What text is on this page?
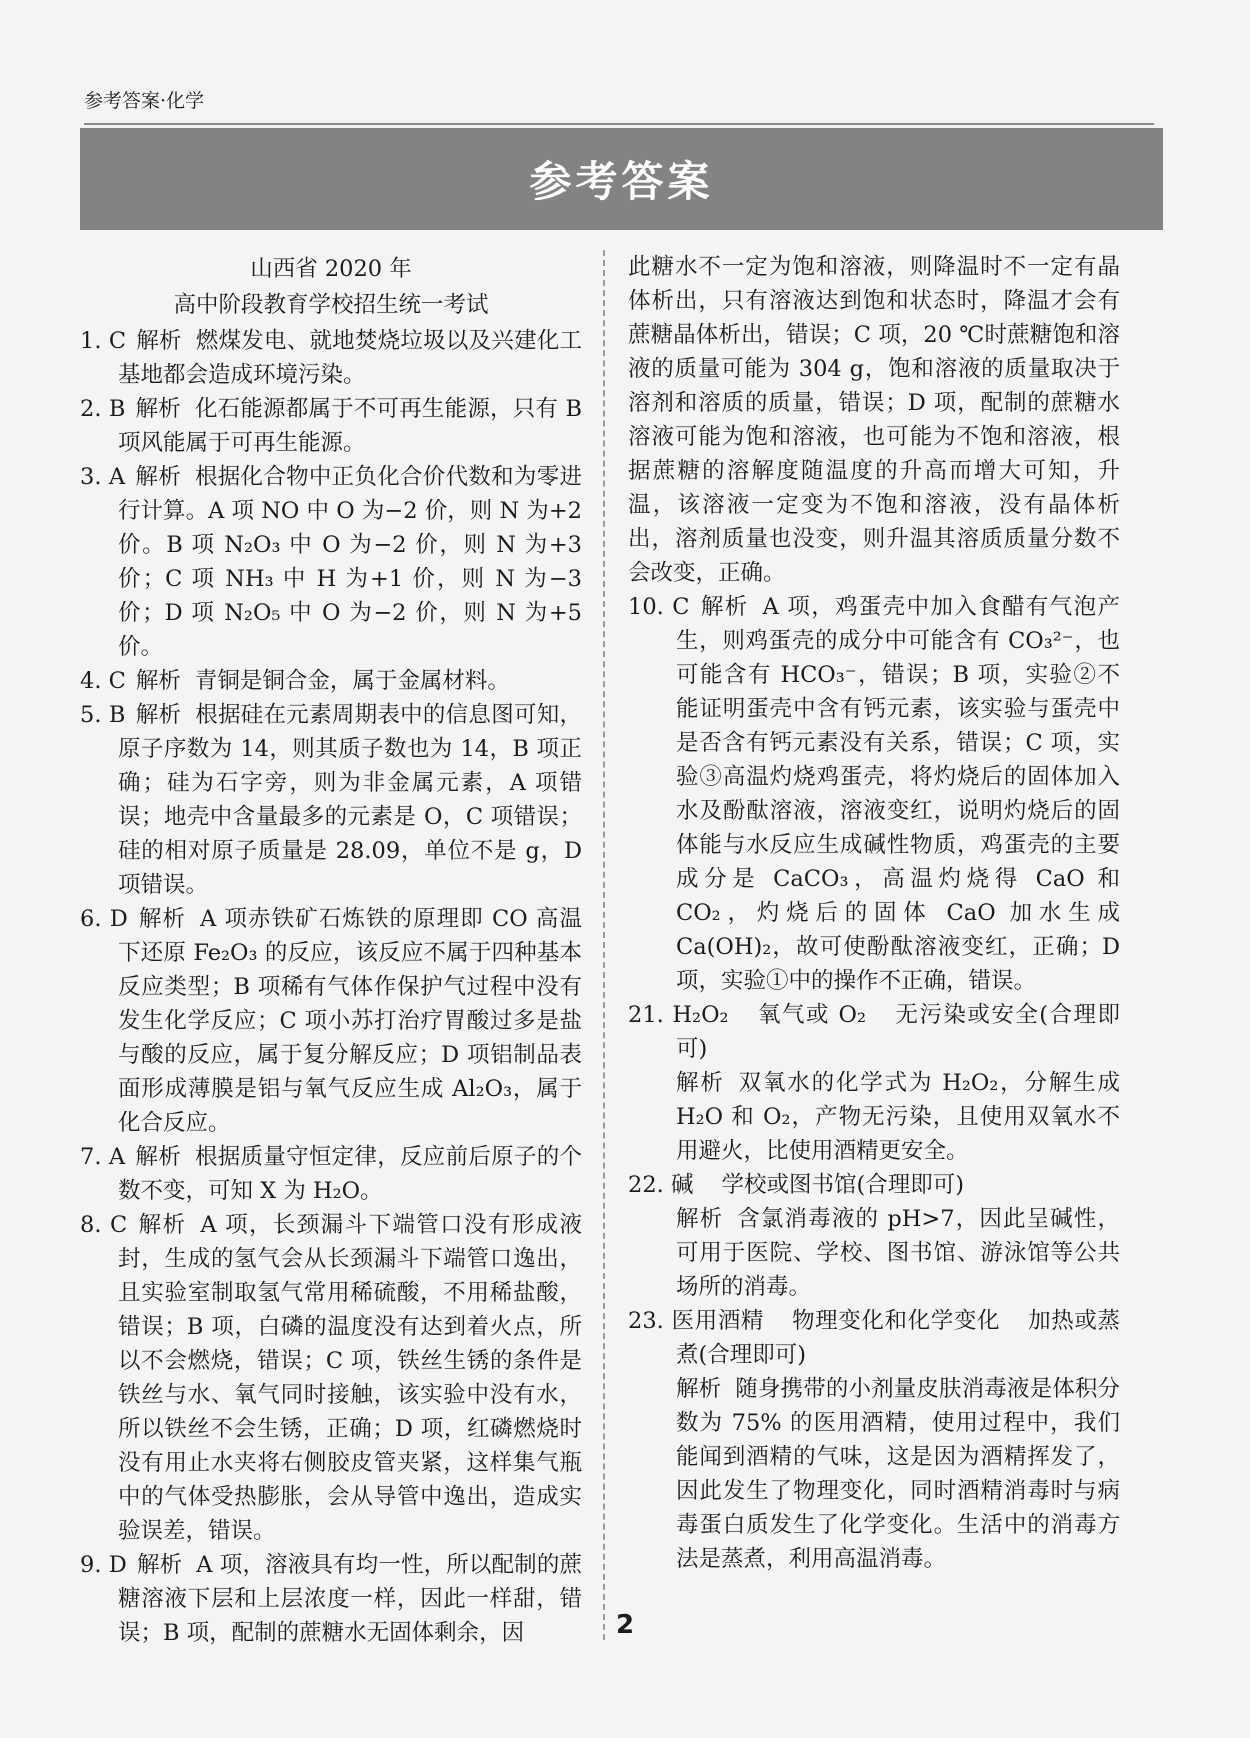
参考答案·化学
参考答案
山西省 2020 年
高中阶段教育学校招生统一考试
1. C 解析 燃煤发电、就地焚烧垃圾以及兴建化工基地都会造成环境污染。
2. B 解析 化石能源都属于不可再生能源，只有 B 项风能属于可再生能源。
3. A 解析 根据化合物中正负化合价代数和为零进行计算。A 项 NO 中 O 为−2 价，则 N 为+2 价。B 项 N₂O₃ 中 O 为−2 价，则 N 为+3 价；C 项 NH₃ 中 H 为+1 价，则 N 为−3 价；D 项 N₂O₅ 中 O 为−2 价，则 N 为+5 价。
4. C 解析 青铜是铜合金，属于金属材料。
5. B 解析 根据硅在元素周期表中的信息图可知，原子序数为 14，则其质子数也为 14，B 项正确；硅为石字旁，则为非金属元素，A 项错误；地壳中含量最多的元素是 O，C 项错误；硅的相对原子质量是 28.09，单位不是 g，D 项错误。
6. D 解析 A 项赤铁矿石炼铁的原理即 CO 高温下还原 Fe₂O₃ 的反应，该反应不属于四种基本反应类型；B 项稀有气体作保护气过程中没有发生化学反应；C 项小苏打治疗胃酸过多是盐与酸的反应，属于复分解反应；D 项铝制品表面形成薄膜是铝与氧气反应生成 Al₂O₃，属于化合反应。
7. A 解析 根据质量守恒定律，反应前后原子的个数不变，可知 X 为 H₂O。
8. C 解析 A 项，长颈漏斗下端管口没有形成液封，生成的氢气会从长颈漏斗下端管口逸出，且实验室制取氢气常用稀硫酸，不用稀盐酸，错误；B 项，白磷的温度没有达到着火点，所以不会燃烧，错误；C 项，铁丝生锈的条件是铁丝与水、氧气同时接触，该实验中没有水，所以铁丝不会生锈，正确；D 项，红磷燃烧时没有用止水夹将右侧胶皮管夹紧，这样集气瓶中的气体受热膨胀，会从导管中逸出，造成实验误差，错误。
9. D 解析 A 项，溶液具有均一性，所以配制的蔗糖溶液下层和上层浓度一样，因此一样甜，错误；B 项，配制的蔗糖水无固体剩余，因
此糖水不一定为饱和溶液，则降温时不一定有晶体析出，只有溶液达到饱和状态时，降温才会有蔗糖晶体析出，错误；C 项，20 ℃时蔗糖饱和溶液的质量可能为 304 g，饱和溶液的质量取决于溶剂和溶质的质量，错误；D 项，配制的蔗糖水溶液可能为饱和溶液，也可能为不饱和溶液，根据蔗糖的溶解度随温度的升高而增大可知，升温，该溶液一定变为不饱和溶液，没有晶体析出，溶剂质量也没变，则升温其溶质质量分数不会改变，正确。
10. C 解析 A 项，鸡蛋壳中加入食醋有气泡产生，则鸡蛋壳的成分中可能含有 CO₃²⁻，也可能含有 HCO₃⁻，错误；B 项，实验②不能证明蛋壳中含有钙元素，该实验与蛋壳中是否含有钙元素没有关系，错误；C 项，实验③高温灼烧鸡蛋壳，将灼烧后的固体加入水及酚酞溶液，溶液变红，说明灼烧后的固体能与水反应生成碱性物质，鸡蛋壳的主要成分是 CaCO₃，高温灼烧得 CaO 和 CO₂，灼烧后的固体 CaO 加水生成 Ca(OH)₂，故可使酚酞溶液变红，正确；D 项，实验①中的操作不正确，错误。
21. H₂O₂ 氧气或 O₂ 无污染或安全(合理即可)
解析 双氧水的化学式为 H₂O₂，分解生成 H₂O 和 O₂，产物无污染，且使用双氧水不用避火，比使用酒精更安全。
22. 碱 学校或图书馆(合理即可)
解析 含氯消毒液的 pH>7，因此呈碱性，可用于医院、学校、图书馆、游泳馆等公共场所的消毒。
23. 医用酒精 物理变化和化学变化 加热或蒸煮(合理即可)
解析 随身携带的小剂量皮肤消毒液是体积分数为 75% 的医用酒精，使用过程中，我们能闻到酒精的气味，这是因为酒精挥发了，因此发生了物理变化，同时酒精消毒时与病毒蛋白质发生了化学变化。生活中的消毒方法是蒸煮，利用高温消毒。
2
